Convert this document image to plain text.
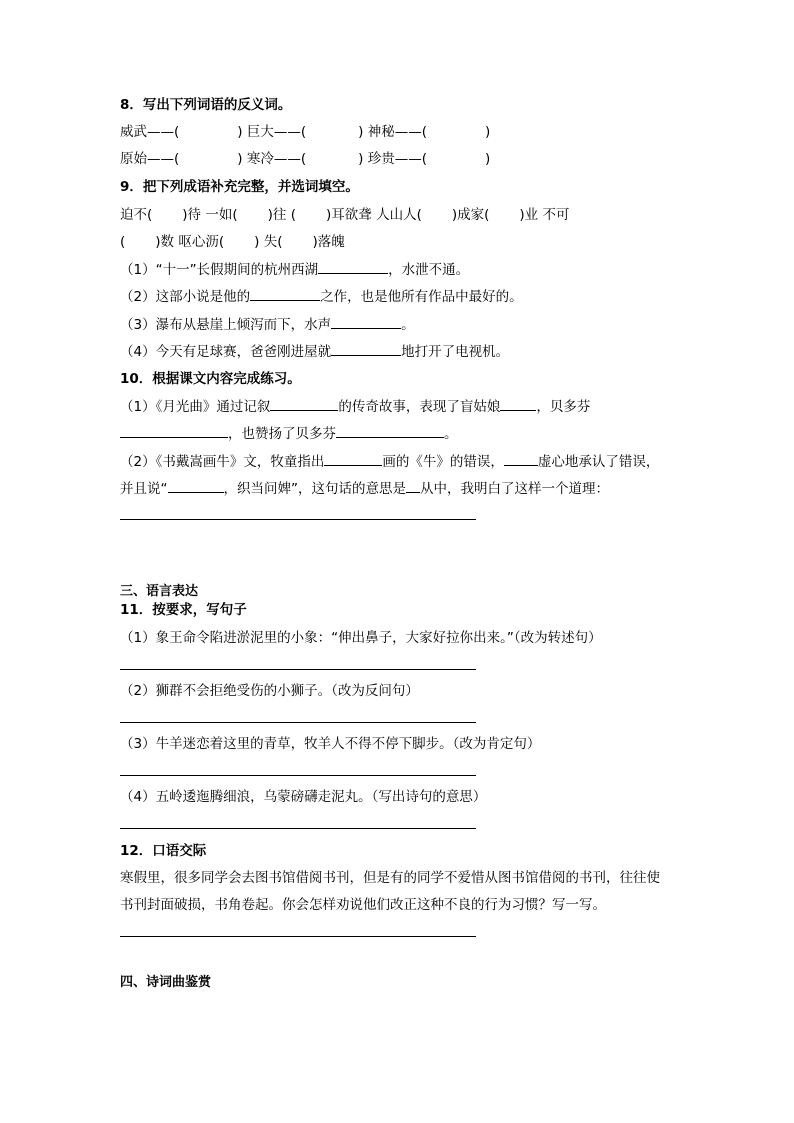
8．写出下列词语的反义词。
威武——(	) 巨大——(	) 神秘——(	)
原始——(	) 寒冷——(	) 珍贵——(	)
9．把下列成语补充完整，并选词填空。
迫不( )待 一如( )往 ( )耳欲聋 人山人( )成家( )业 不可
( )数 呕心沥( ) 失( )落魄
（1）“十一”长假期间的杭州西湖	，水泄不通。
（2）这部小说是他的	之作，也是他所有作品中最好的。
（3）瀑布从悬崖上倾泻而下，水声	。
（4）今天有足球赛，爸爸刚进屋就	地打开了电视机。
10．根据课文内容完成练习。
（1）《月光曲》通过记叙	的传奇故事，表现了盲姑娘	，贝多芬
，也赞扬了贝多芬	。
（2）《书戴嵩画牛》文，牧童指出	画的《牛》的错误，	虚心地承认了错误，
并且说“	，织当问婢”，这句话的意思是 从中，我明白了这样一个道理：
三、语言表达
11．按要求，写句子
（1）象王命令陷进淤泥里的小象：“伸出鼻子，大家好拉你出来。”（改为转述句）
（2）狮群不会拒绝受伤的小狮子。（改为反问句）
（3）牛羊迷恋着这里的青草，牧羊人不得不停下脚步。（改为肯定句）
（4）五岭逶迤腾细浪，乌蒙磅礴走泥丸。（写出诗句的意思）
12．口语交际
寒假里，很多同学会去图书馆借阅书刊，但是有的同学不爱惜从图书馆借阅的书刊，往往使
书刊封面破损，书角卷起。你会怎样劝说他们改正这种不良的行为习惯？写一写。
四、诗词曲鉴赏
